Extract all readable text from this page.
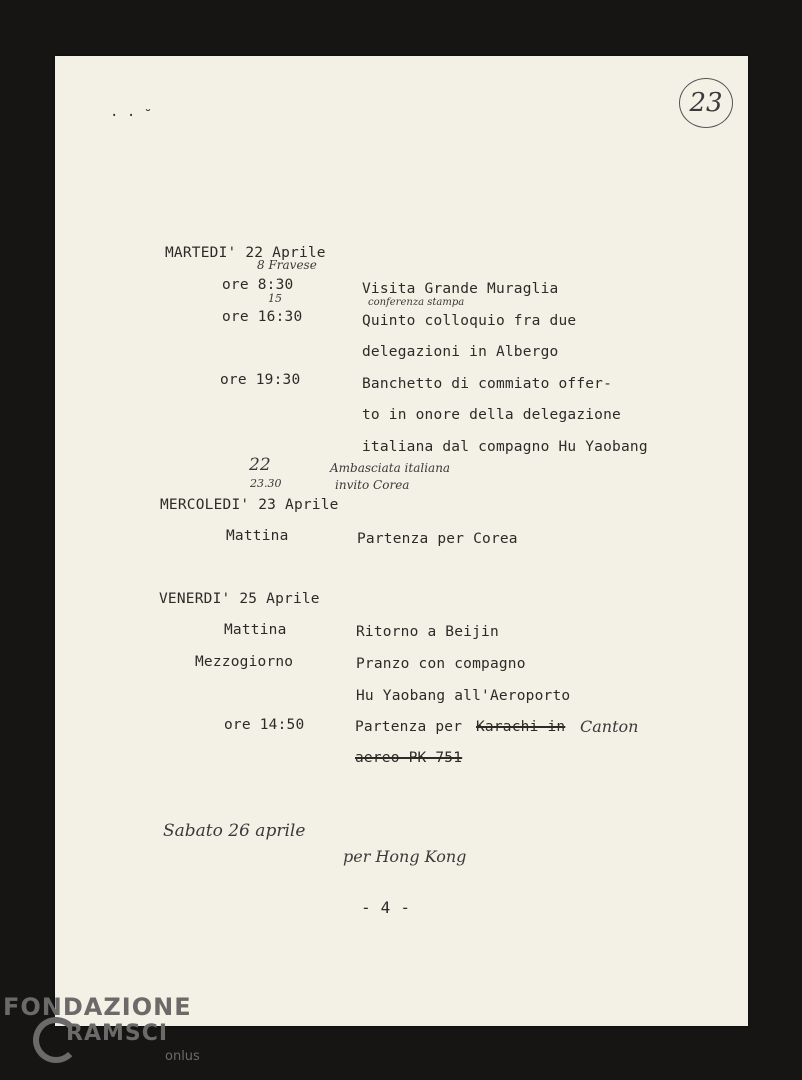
· · ˘	23
MARTEDI' 22 Aprile
8 Fravese
ore 8:30	Visita Grande Muraglia
15	conferenza stampa
ore 16:30	Quinto colloquio fra due
delegazioni in Albergo
ore 19:30	Banchetto di commiato offer-
to in onore della delegazione
italiana dal compagno Hu Yaobang
22
23.30
Ambasciata italiana
invito Corea
MERCOLEDI' 23 Aprile
Mattina	Partenza per Corea
VENERDI' 25 Aprile
Mattina	Ritorno a Beijin
Mezzogiorno	Pranzo con compagno
Hu Yaobang all'Aeroporto
ore 14:50	Partenza per Karachi in Canton
aereo PK 751
Sabato 26 aprile
per Hong Kong
- 4 -
FONDAZIONE
RAMSCI
onlus
